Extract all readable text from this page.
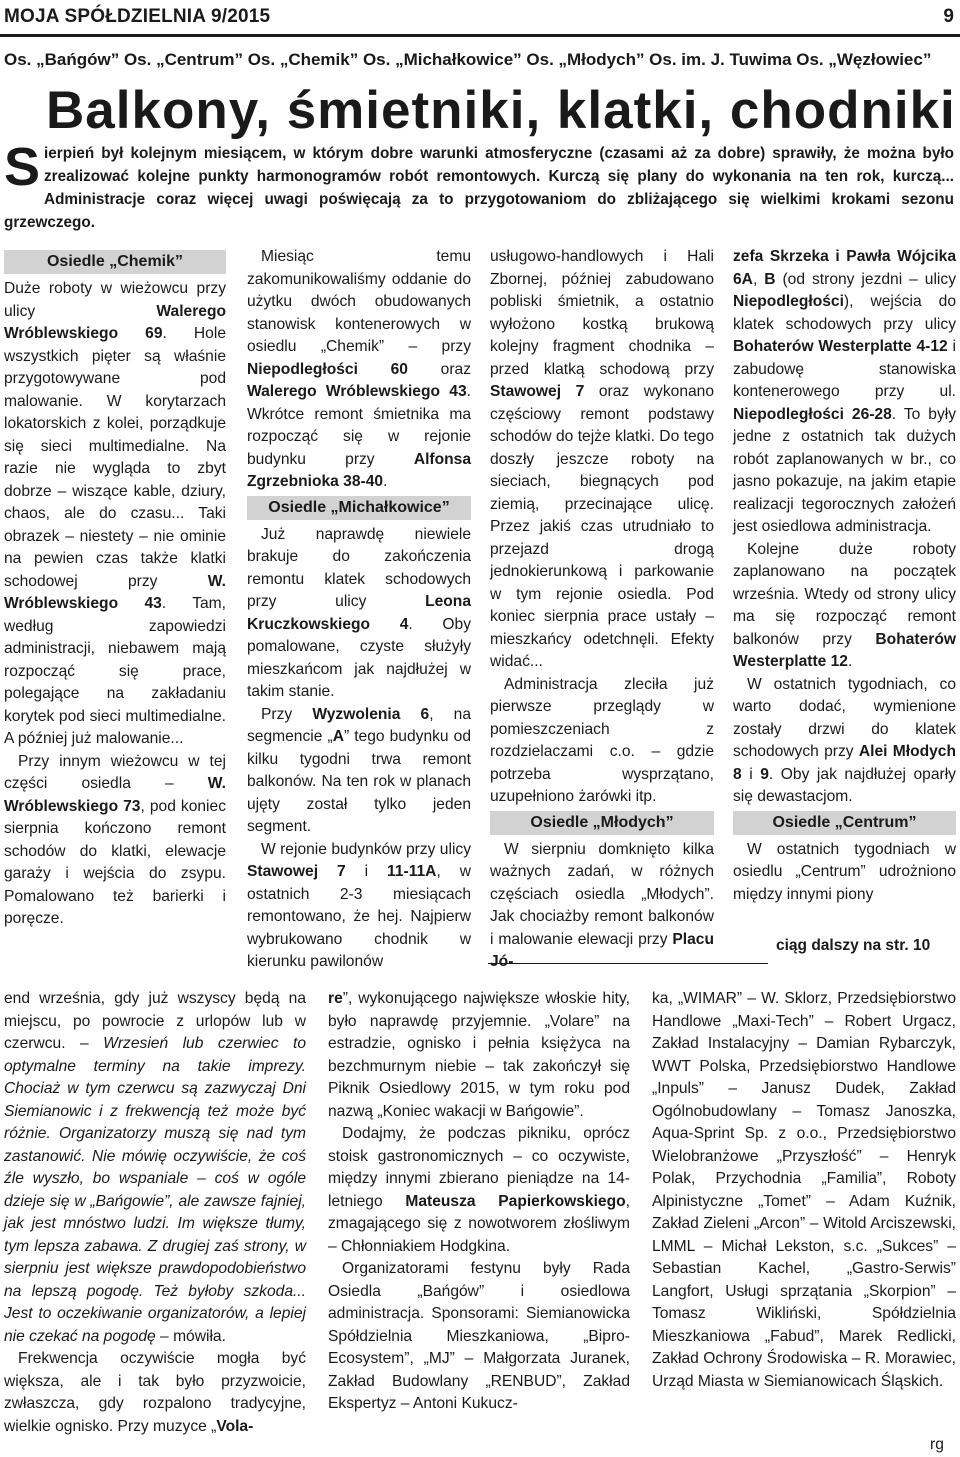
MOJA SPÓŁDZIELNIA 9/2015	9
Os. „Bańgów” Os. „Centrum” Os. „Chemik” Os. „Michałkowice” Os. „Młodych” Os. im. J. Tuwima Os. „Węzłowiec”
Balkony, śmietniki, klatki, chodniki
Sierpień był kolejnym miesiącem, w którym dobre warunki atmosferyczne (czasami aż za dobre) sprawiły, że można było zrealizować kolejne punkty harmonogramów robót remontowych. Kurczą się plany do wykonania na ten rok, kurczą... Administracje coraz więcej uwagi poświęcają za to przygotowaniom do zbliżającego się wielkimi krokami sezonu grzewczego.
Osiedle „Chemik”

Duże roboty w wieżowcu przy ulicy Walerego Wróblewskiego 69. Hole wszystkich pięter są właśnie przygotowywane pod malowanie. W korytarzach lokatorskich z kolei, porządkuje się sieci multimedialne. Na razie nie wygląda to zbyt dobrze – wiszące kable, dziury, chaos, ale do czasu... Taki obrazek – niestety – nie ominie na pewien czas także klatki schodowej przy W. Wróblewskiego 43. Tam, według zapowiedzi administracji, niebawem mają rozpocząć się prace, polegające na zakładaniu korytek pod sieci multimedialne. A później już malowanie...

Przy innym wieżowcu w tej części osiedla – W. Wróblewskiego 73, pod koniec sierpnia kończono remont schodów do klatki, elewacje garaży i wejścia do zsypu. Pomalowano też barierki i poręcze.

Miesiąc temu zakomunikowaliśmy oddanie do użytku dwóch obudowanych stanowisk kontenerowych w osiedlu „Chemik” – przy Niepodległości 60 oraz Walerego Wróblewskiego 43. Wkrótce remont śmietnika ma rozpocząć się w rejonie budynku przy Alfonsa Zgrzebnioka 38-40.

Osiedle „Michałkowice”

Już naprawdę niewiele brakuje do zakończenia remontu klatek schodowych przy ulicy Leona Kruczkowskiego 4. Oby pomalowane, czyste służyły mieszkańcom jak najdłużej w takim stanie.

Przy Wyzwolenia 6, na segmencie „A” tego budynku od kilku tygodni trwa remont balkonów. Na ten rok w planach ujęty został tylko jeden segment.

W rejonie budynków przy ulicy Stawowej 7 i 11-11A, w ostatnich 2-3 miesiącach remontowano, że hej. Najpierw wybrukowano chodnik w kierunku pawilonów

usługowo-handlowych i Hali Zbornej, później zabudowano pobliski śmietnik, a ostatnio wyłożono kostką brukową kolejny fragment chodnika – przed klatką schodową przy Stawowej 7 oraz wykonano częściowy remont podstawy schodów do tejże klatki. Do tego doszły jeszcze roboty na sieciach, biegnących pod ziemią, przecinające ulicę. Przez jakiś czas utrudniało to przejazd drogą jednokierunkową i parkowanie w tym rejonie osiedla. Pod koniec sierpnia prace ustały – mieszkańcy odetchnęli. Efekty widać...

Administracja zleciła już pierwsze przeglądy w pomieszczeniach z rozdzielaczami c.o. – gdzie potrzeba wysprzątano, uzupełniono żarówki itp.

Osiedle „Młodych”

W sierpniu domknięto kilka ważnych zadań, w różnych częściach osiedla „Młodych”. Jak chociażby remont balkonów i malowanie elewacji przy Placu Jó-

zefa Skrzeka i Pawła Wójcika 6A, B (od strony jezdni – ulicy Niepodległości), wejścia do klatek schodowych przy ulicy Bohaterów Westerplatte 4-12 i zabudowę stanowiska kontenerowego przy ul. Niepodległości 26-28. To były jedne z ostatnich tak dużych robót zaplanowanych w br., co jasno pokazuje, na jakim etapie realizacji tegorocznych założeń jest osiedlowa administracja.

Kolejne duże roboty zaplanowano na początek września. Wtedy od strony ulicy ma się rozpocząć remont balkonów przy Bohaterów Westerplatte 12.

W ostatnich tygodniach, co warto dodać, wymienione zostały drzwi do klatek schodowych przy Alei Młodych 8 i 9. Oby jak najdłużej oparły się dewastacjom.

Osiedle „Centrum”

W ostatnich tygodniach w osiedlu „Centrum” udrożniono między innymi piony

ciąg dalszy na str. 10

end września, gdy już wszyscy będą na miejscu, po powrocie z urlopów lub w czerwcu. – Wrzesień lub czerwiec to optymalne terminy na takie imprezy. Chociaż w tym czerwcu są zazwyczaj Dni Siemianowic i z frekwencją też może być różnie. Organizatorzy muszą się nad tym zastanowić. Nie mówię oczywiście, że coś źle wyszło, bo wspaniale – coś w ogóle dzieje się w „Bańgowie”, ale zawsze fajniej, jak jest mnóstwo ludzi. Im większe tłumy, tym lepsza zabawa. Z drugiej zaś strony, w sierpniu jest większe prawdopodobieństwo na lepszą pogodę. Też byłoby szkoda... Jest to oczekiwanie organizatorów, a lepiej nie czekać na pogodę – mówiła.

Frekwencja oczywiście mogła być większa, ale i tak było przyzwoicie, zwłaszcza, gdy rozpalono tradycyjne, wielkie ognisko. Przy muzyce „Vola-

re”, wykonującego największe włoskie hity, było naprawdę przyjemnie. „Volare” na estradzie, ognisko i pełnia księżyca na bezchmurnym niebie – tak zakończył się Piknik Osiedlowy 2015, w tym roku pod nazwą „Koniec wakacji w Bańgowie”.

Dodajmy, że podczas pikniku, oprócz stoisk gastronomicznych – co oczywiste, między innymi zbierano pieniądze na 14-letniego Mateusza Papierkowskiego, zmagającego się z nowotworem złośliwym – Chłonniakiem Hodgkina.

Organizatorami festynu były Rada Osiedla „Bańgów” i osiedlowa administracja. Sponsorami: Siemianowicka Spółdzielnia Mieszkaniowa, „Bipro-Ecosystem”, „MJ” – Małgorzata Juranek, Zakład Budowlany „RENBUD”, Zakład Ekspertyz – Antoni Kukucz-

ka, „WIMAR” – W. Sklorz, Przedsiębiorstwo Handlowe „Maxi-Tech” – Robert Urgacz, Zakład Instalacyjny – Damian Rybarczyk, WWT Polska, Przedsiębiorstwo Handlowe „Inpuls” – Janusz Dudek, Zakład Ogólnobudowlany – Tomasz Janoszka, Aqua-Sprint Sp. z o.o., Przedsiębiorstwo Wielobranżowe „Przyszłość” – Henryk Polak, Przychodnia „Familia”, Roboty Alpinistyczne „Tomet” – Adam Kuźnik, Zakład Zieleni „Arcon” – Witold Arciszewski, LMML – Michał Lekston, s.c. „Sukces” – Sebastian Kachel, „Gastro-Serwis” Langfort, Usługi sprzątania „Skorpion” – Tomasz Wikliński, Spółdzielnia Mieszkaniowa „Fabud”, Marek Redlicki, Zakład Ochrony Środowiska – R. Morawiec, Urząd Miasta w Siemianowicach Śląskich.

rg
